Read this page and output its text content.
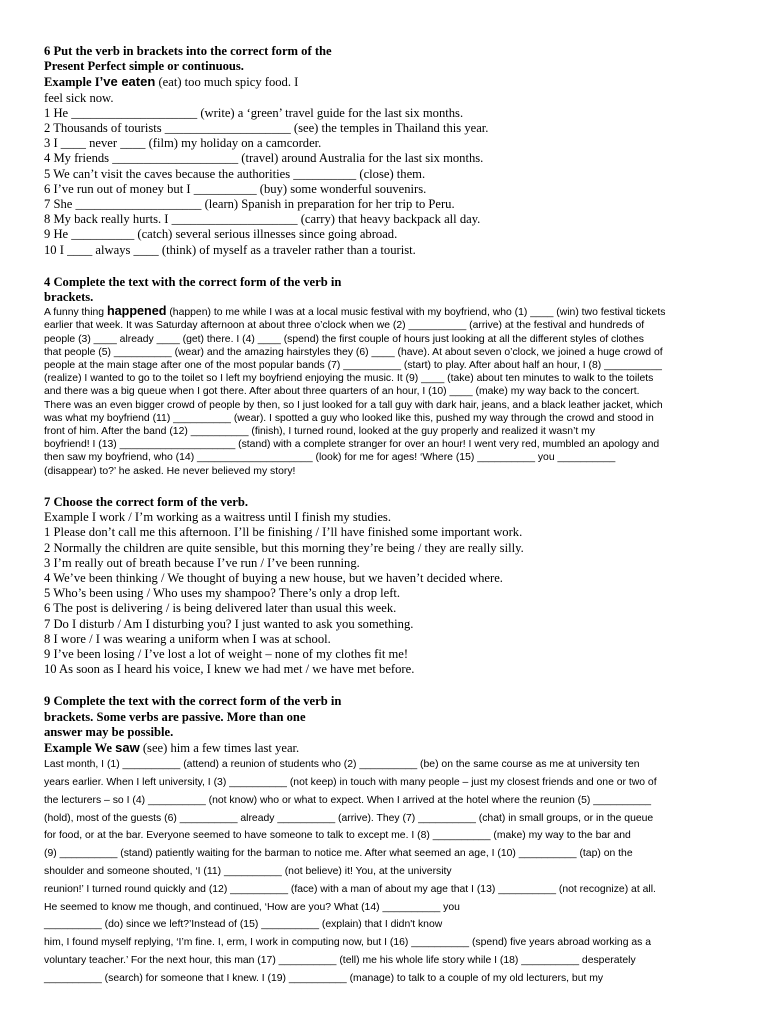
6 Put the verb in brackets into the correct form of the
Present Perfect simple or continuous.
Example I’ve eaten (eat) too much spicy food. I
feel sick now.
1 He ____________________ (write) a ‘green’ travel guide for the last six months.
2 Thousands of tourists ____________________ (see) the temples in Thailand this year.
3 I ____ never ____ (film) my holiday on a camcorder.
4 My friends ____________________ (travel) around Australia for the last six months.
5 We can’t visit the caves because the authorities __________ (close) them.
6 I’ve run out of money but I __________ (buy) some wonderful souvenirs.
7 She ____________________ (learn) Spanish in preparation for her trip to Peru.
8 My back really hurts. I ____________________ (carry) that heavy backpack all day.
9 He __________ (catch) several serious illnesses since going abroad.
10 I ____ always ____ (think) of myself as a traveler rather than a tourist.
4 Complete the text with the correct form of the verb in
brackets.
A funny thing happened (happen) to me while I was at a local music festival with my boyfriend, who (1) ____ (win) two festival tickets
earlier that week. It was Saturday afternoon at about three o’clock when we (2) __________ (arrive) at the festival and hundreds of
people (3) ____ already ____ (get) there. I (4) ____ (spend) the first couple of hours just looking at all the different styles of clothes
that people (5) __________ (wear) and the amazing hairstyles they (6) ____ (have). At about seven o’clock, we joined a huge crowd of
people at the main stage after one of the most popular bands (7) __________ (start) to play. After about half an hour, I (8) __________
(realize) I wanted to go to the toilet so I left my boyfriend enjoying the music. It (9) ____ (take) about ten minutes to walk to the toilets
and there was a big queue when I got there. After about three quarters of an hour, I (10) ____ (make) my way back to the concert.
There was an even bigger crowd of people by then, so I just looked for a tall guy with dark hair, jeans, and a black leather jacket, which
was what my boyfriend (11) __________ (wear). I spotted a guy who looked like this, pushed my way through the crowd and stood in
front of him. After the band (12) __________ (finish), I turned round, looked at the guy properly and realized it wasn’t my
boyfriend! I (13) ____________________ (stand) with a complete stranger for over an hour! I went very red, mumbled an apology and
then saw my boyfriend, who (14) ____________________ (look) for me for ages! ‘Where (15) __________ you __________
(disappear) to?’ he asked. He never believed my story!
7 Choose the correct form of the verb.
Example I work / I’m working as a waitress until I finish my studies.
1 Please don’t call me this afternoon. I’ll be finishing / I’ll have finished some important work.
2 Normally the children are quite sensible, but this morning they’re being / they are really silly.
3 I’m really out of breath because I’ve run / I’ve been running.
4 We’ve been thinking / We thought of buying a new house, but we haven’t decided where.
5 Who’s been using / Who uses my shampoo? There’s only a drop left.
6 The post is delivering / is being delivered later than usual this week.
7 Do I disturb / Am I disturbing you? I just wanted to ask you something.
8 I wore / I was wearing a uniform when I was at school.
9 I’ve been losing / I’ve lost a lot of weight – none of my clothes fit me!
10 As soon as I heard his voice, I knew we had met / we have met before.
9 Complete the text with the correct form of the verb in
brackets. Some verbs are passive. More than one
answer may be possible.
Example We saw (see) him a few times last year.
Last month, I (1) __________ (attend) a reunion of students who (2) __________ (be) on the same course as me at university ten
years earlier. When I left university, I (3) __________ (not keep) in touch with many people – just my closest friends and one or two of
the lecturers – so I (4) __________ (not know) who or what to expect. When I arrived at the hotel where the reunion (5) __________
(hold), most of the guests (6) __________ already __________ (arrive). They (7) __________ (chat) in small groups, or in the queue
for food, or at the bar. Everyone seemed to have someone to talk to except me. I (8) __________ (make) my way to the bar and
(9) __________ (stand) patiently waiting for the barman to notice me. After what seemed an age, I (10) __________ (tap) on the
shoulder and someone shouted, ‘I (11) __________ (not believe) it! You, at the university
reunion!’ I turned round quickly and (12) __________ (face) with a man of about my age that I (13) __________ (not recognize) at all.
He seemed to know me though, and continued, ‘How are you? What (14) __________ you
__________ (do) since we left?’Instead of (15) __________ (explain) that I didn't know
him, I found myself replying, ‘I’m fine. I, erm, I work in computing now, but I (16) __________ (spend) five years abroad working as a
voluntary teacher.’ For the next hour, this man (17) __________ (tell) me his whole life story while I (18) __________ desperately
__________ (search) for someone that I knew. I (19) __________ (manage) to talk to a couple of my old lecturers, but my
